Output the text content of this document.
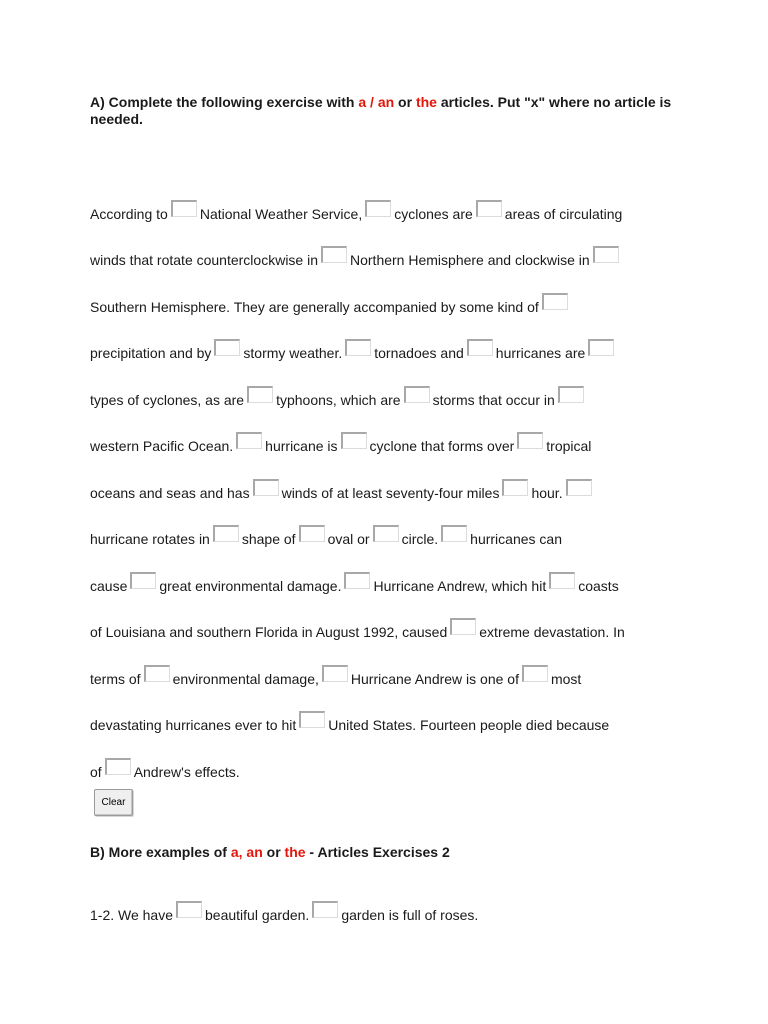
A) Complete the following exercise with a / an or the articles. Put "x" where no article is needed.
According to National Weather Service, cyclones are areas of circulating
winds that rotate counterclockwise in Northern Hemisphere and clockwise in
Southern Hemisphere. They are generally accompanied by some kind of
precipitation and by stormy weather. tornadoes and hurricanes are
types of cyclones, as are typhoons, which are storms that occur in
western Pacific Ocean. hurricane is cyclone that forms over tropical
oceans and seas and has winds of at least seventy-four miles hour.
hurricane rotates in shape of oval or circle. hurricanes can
cause great environmental damage. Hurricane Andrew, which hit coasts
of Louisiana and southern Florida in August 1992, caused extreme devastation. In
terms of environmental damage, Hurricane Andrew is one of most
devastating hurricanes ever to hit United States. Fourteen people died because
of Andrew's effects.
Clear
B) More examples of a, an or the - Articles Exercises 2
1-2. We have beautiful garden. garden is full of roses.
